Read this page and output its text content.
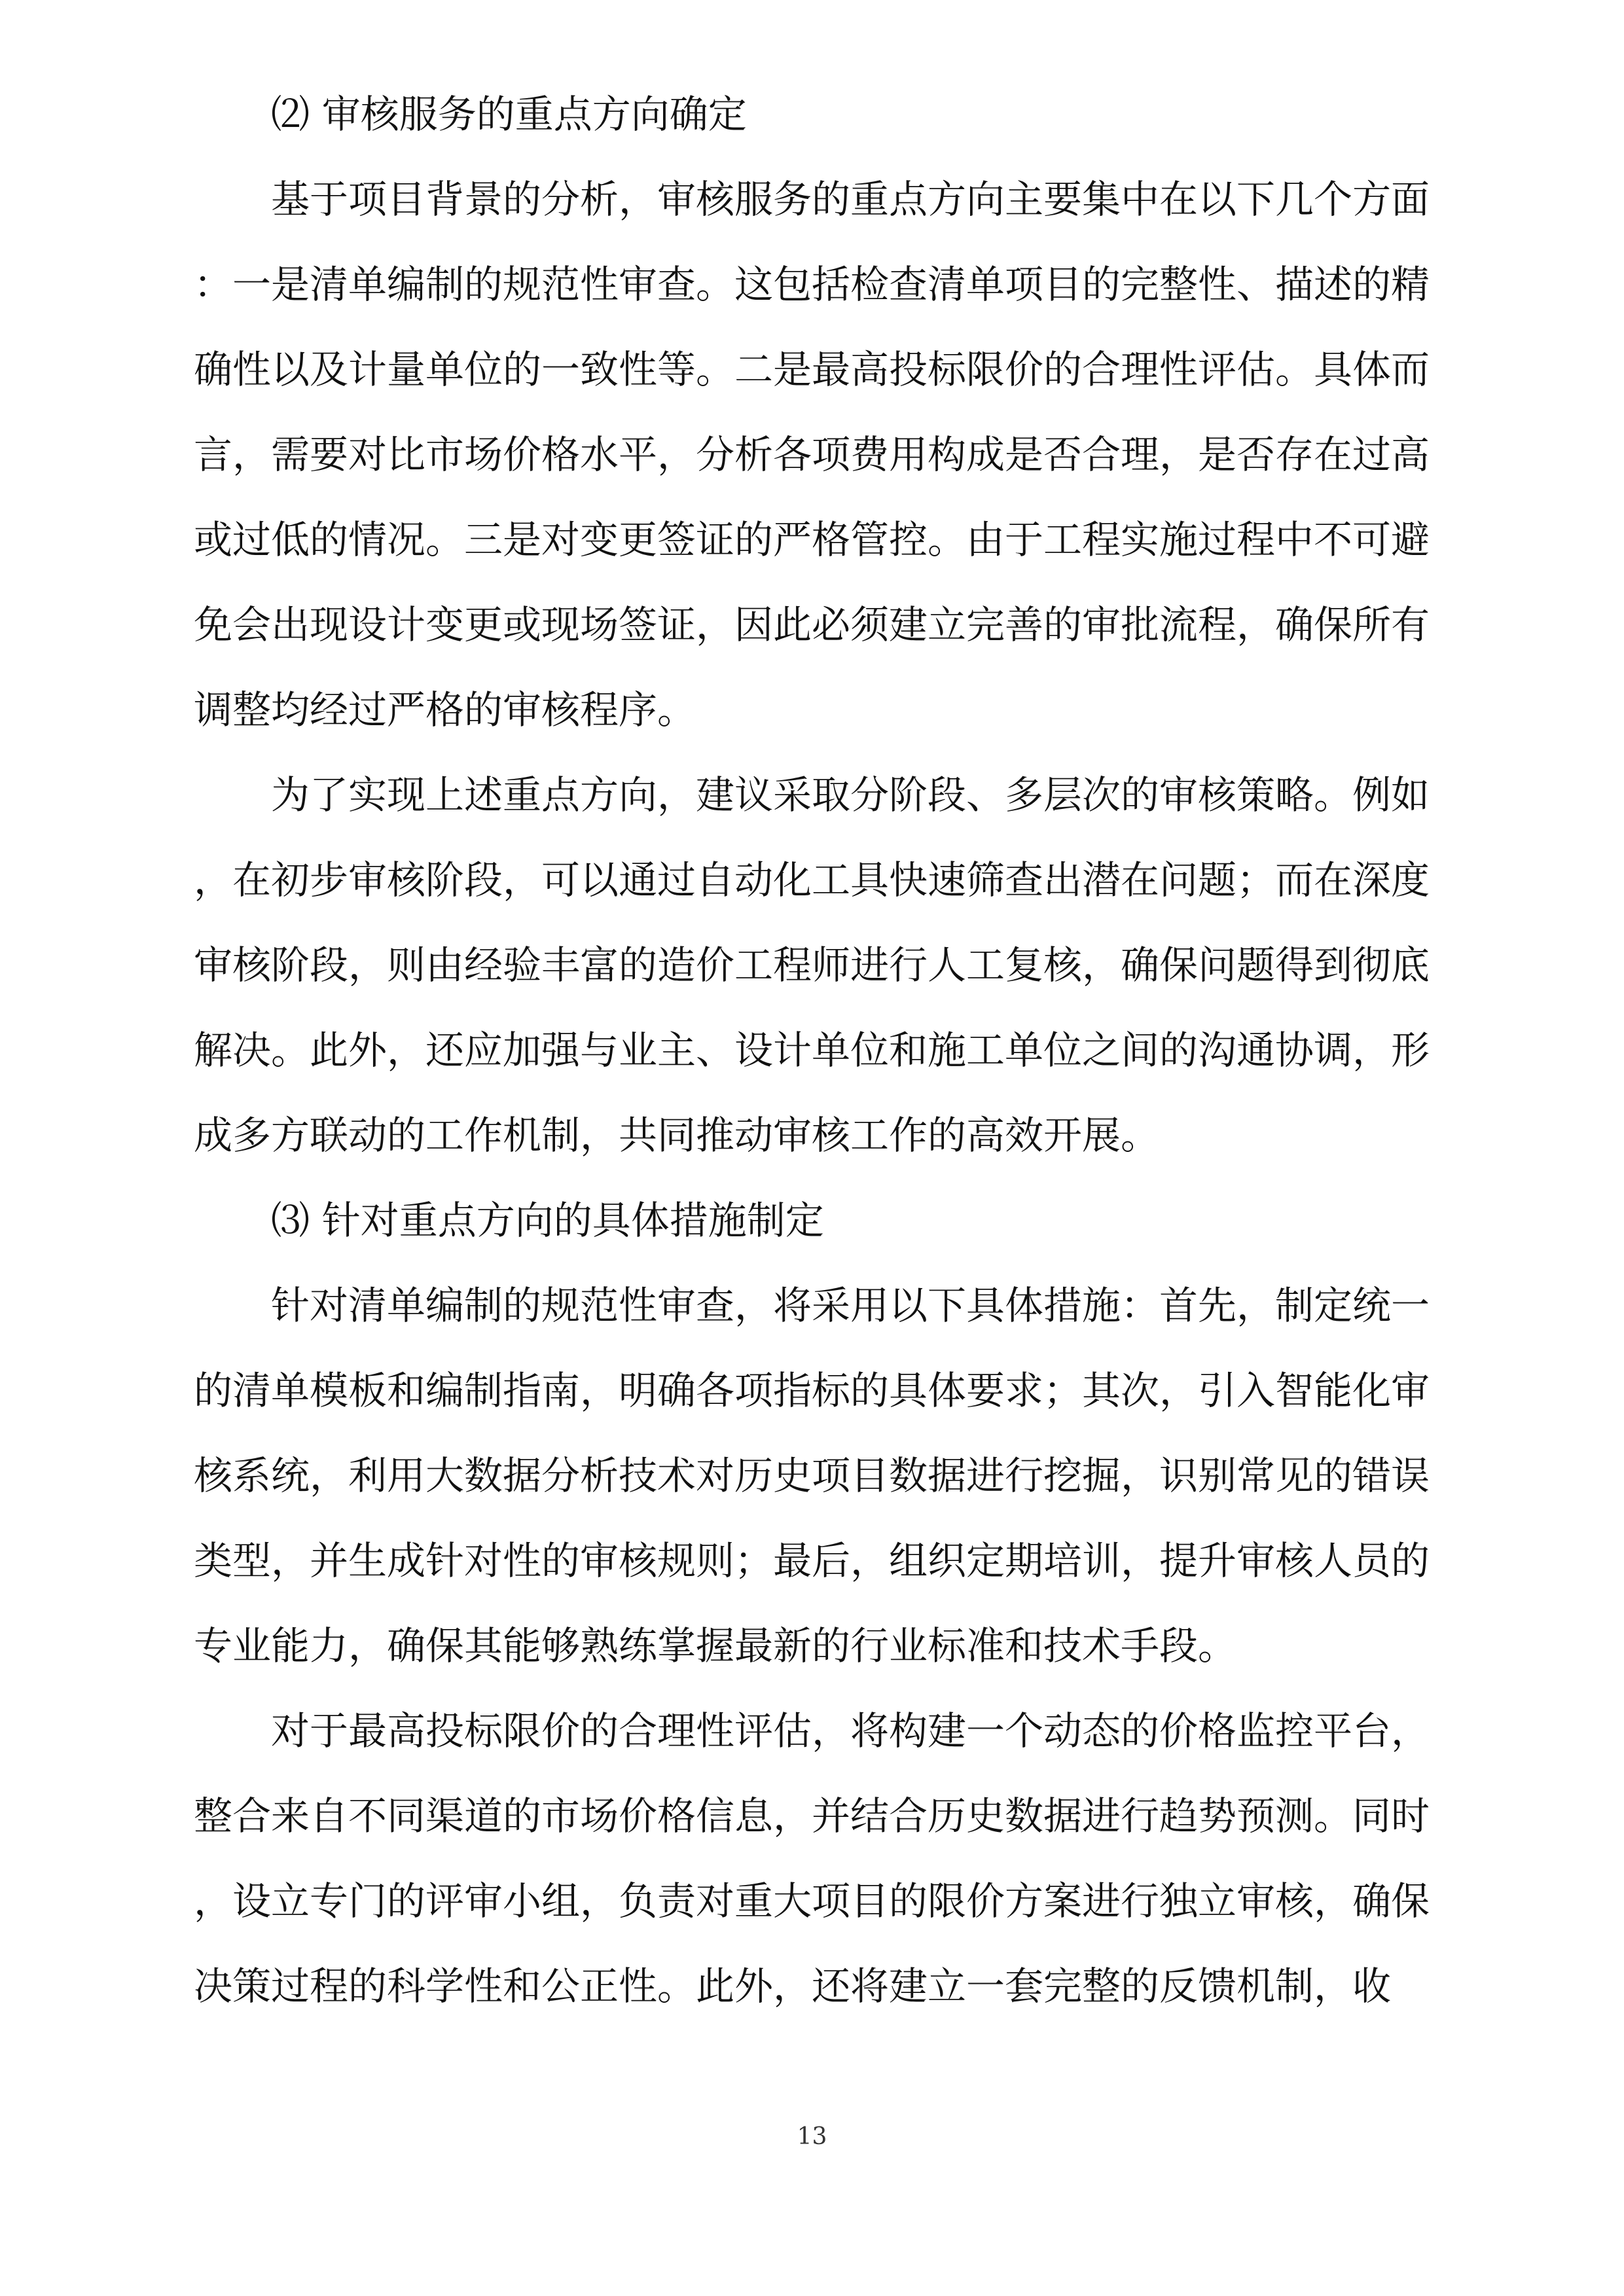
⑵ 审核服务的重点方向确定

基于项目背景的分析，审核服务的重点方向主要集中在以下几个方面：一是清单编制的规范性审查。这包括检查清单项目的完整性、描述的精确性以及计量单位的一致性等。二是最高投标限价的合理性评估。具体而言，需要对比市场价格水平，分析各项费用构成是否合理，是否存在过高或过低的情况。三是对变更签证的严格管控。由于工程实施过程中不可避免会出现设计变更或现场签证，因此必须建立完善的审批流程，确保所有调整均经过严格的审核程序。

为了实现上述重点方向，建议采取分阶段、多层次的审核策略。例如，在初步审核阶段，可以通过自动化工具快速筛查出潜在问题；而在深度审核阶段，则由经验丰富的造价工程师进行人工复核，确保问题得到彻底解决。此外，还应加强与业主、设计单位和施工单位之间的沟通协调，形成多方联动的工作机制，共同推动审核工作的高效开展。

⑶ 针对重点方向的具体措施制定

针对清单编制的规范性审查，将采用以下具体措施：首先，制定统一的清单模板和编制指南，明确各项指标的具体要求；其次，引入智能化审核系统，利用大数据分析技术对历史项目数据进行挖掘，识别常见的错误类型，并生成针对性的审核规则；最后，组织定期培训，提升审核人员的专业能力，确保其能够熟练掌握最新的行业标准和技术手段。

对于最高投标限价的合理性评估，将构建一个动态的价格监控平台，整合来自不同渠道的市场价格信息，并结合历史数据进行趋势预测。同时，设立专门的评审小组，负责对重大项目的限价方案进行独立审核，确保决策过程的科学性和公正性。此外，还将建立一套完整的反馈机制，收

13
